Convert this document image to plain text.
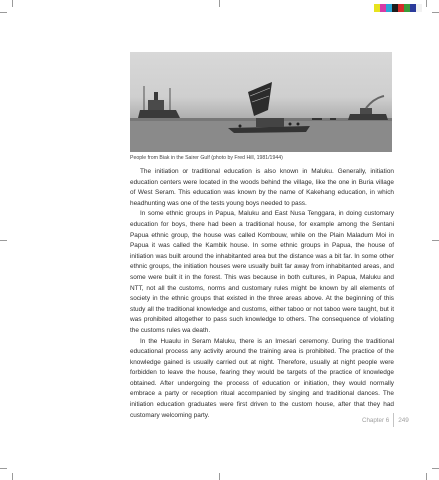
People from Biak in the Sairer Gulf (photo by Fred Hill, 1981/1944)

The initiation or traditional education is also known in Maluku. Generally, initiation education centers were located in the woods behind the village, like the one in Buria village of West Seram. This education was known by the name of Kakehang education, in which headhunting was one of the tests young boys needed to pass.

In some ethnic groups in Papua, Maluku and East Nusa Tenggara, in doing customary education for boys, there had been a traditional house, for example among the Sentani Papua ethnic group, the house was called Kombouw, while on the Plain Maladum Moi in Papua it was called the Kambik house. In some ethnic groups in Papua, the house of initiation was built around the inhabitanted area but the distance was a bit far. In some other ethnic groups, the initiation houses were usually built far away from inhabitanted areas, and some were built it in the forest. This was because in both cultures, in Papua, Maluku and NTT, not all the customs, norms and customary rules might be known by all elements of society in the ethnic groups that existed in the three areas above. At the beginning of this study all the traditional knowledge and customs, either taboo or not taboo were taught, but it was prohibited altogether to pass such knowledge to others. The consequence of violating the customs rules wa death.

In the Huaulu in Seram Maluku, there is an Imesari ceremony. During the traditional educational process any activity around the training area is prohibited. The practice of the knowledge gained is usually carried out at night. Therefore, usually at night people were forbidden to leave the house, fearing they would be targets of the practice of knowledge obtained. After undergoing the process of education or initiation, they would normally embrace a party or reception ritual accompanied by singing and traditional dances. The initiation education graduates were first driven to the custom house, after that they had customary welcoming party.

Chapter 6 249
